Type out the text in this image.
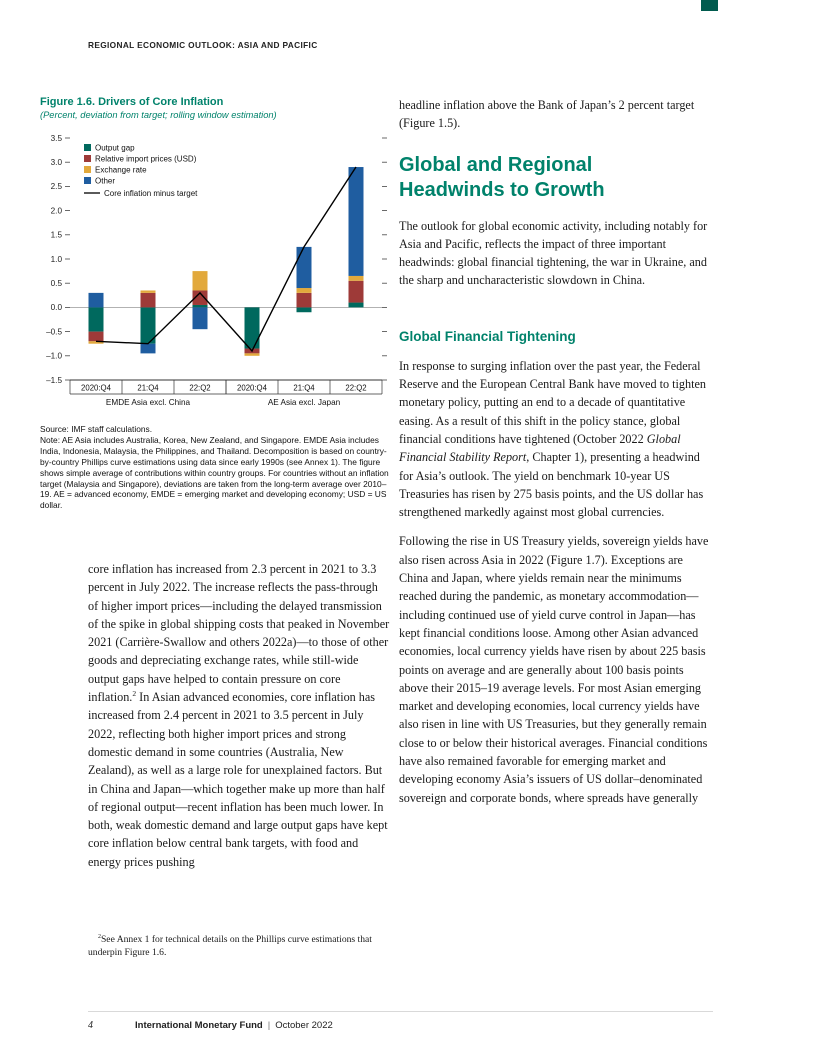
REGIONAL ECONOMIC OUTLOOK: ASIA AND PACIFIC
Figure 1.6. Drivers of Core Inflation
(Percent, deviation from target; rolling window estimation)
–1.5
–1.0
–0.5
0.0
0.5
1.0
1.5
2.0
2.5
3.0
3.5
2020:Q4	21:Q4	22:Q2
EMDE Asia excl. China
2020:Q4	21:Q4	22:Q2
AE Asia excl. Japan
Output gap
Relative import prices (USD)
Exchange rate
Other
Core inflation minus target
Source: IMF staff calculations.
Note: AE Asia includes Australia, Korea, New Zealand, and Singapore. EMDE Asia includes India, Indonesia, Malaysia, the Philippines, and Thailand. Decomposition is based on country-by-country Phillips curve estimations using data since early 1990s (see Annex 1). The figure shows simple average of contributions within country groups. For countries without an inflation target (Malaysia and Singapore), deviations are taken from the long-term average over 2010–19. AE = advanced economy, EMDE = emerging market and developing economy; USD = US dollar.
core inflation has increased from 2.3 percent in 2021 to 3.3 percent in July 2022. The increase reflects the pass-through of higher import prices—including the delayed transmission of the spike in global shipping costs that peaked in November 2021 (Carrière-Swallow and others 2022a)—to those of other goods and depreciating exchange rates, while still-wide output gaps have helped to contain pressure on core inflation.$^2$ In Asian advanced economies, core inflation has increased from 2.4 percent in 2021 to 3.5 percent in July 2022, reflecting both higher import prices and strong domestic demand in some countries (Australia, New Zealand), as well as a large role for unexplained factors. But in China and Japan—which together make up more than half of regional output—recent inflation has been much lower. In both, weak domestic demand and large output gaps have kept core inflation below central bank targets, with food and energy prices pushing
$^2$See Annex 1 for technical details on the Phillips curve estimations that underpin Figure 1.6.

headline inflation above the Bank of Japan’s 2 percent target (Figure 1.5).

Global and Regional Headwinds to Growth

The outlook for global economic activity, including notably for Asia and Pacific, reflects the impact of three important headwinds: global financial tightening, the war in Ukraine, and the sharp and uncharacteristic slowdown in China.

Global Financial Tightening

In response to surging inflation over the past year, the Federal Reserve and the European Central Bank have moved to tighten monetary policy, putting an end to a decade of quantitative easing. As a result of this shift in the policy stance, global financial conditions have tightened (October 2022 Global Financial Stability Report, Chapter 1), presenting a headwind for Asia’s outlook. The yield on benchmark 10-year US Treasuries has risen by 275 basis points, and the US dollar has strengthened markedly against most global currencies.

Following the rise in US Treasury yields, sovereign yields have also risen across Asia in 2022 (Figure 1.7). Exceptions are China and Japan, where yields remain near the minimums reached during the pandemic, as monetary accommodation—including continued use of yield curve control in Japan—has kept financial conditions loose. Among other Asian advanced economies, local currency yields have risen by about 225 basis points on average and are generally about 100 basis points above their 2015–19 average levels. For most Asian emerging market and developing economies, local currency yields have also risen in line with US Treasuries, but they generally remain close to or below their historical averages. Financial conditions have also remained favorable for emerging market and developing economy Asia’s issuers of US dollar–denominated sovereign and corporate bonds, where spreads have generally

4	International Monetary Fund | October 2022
